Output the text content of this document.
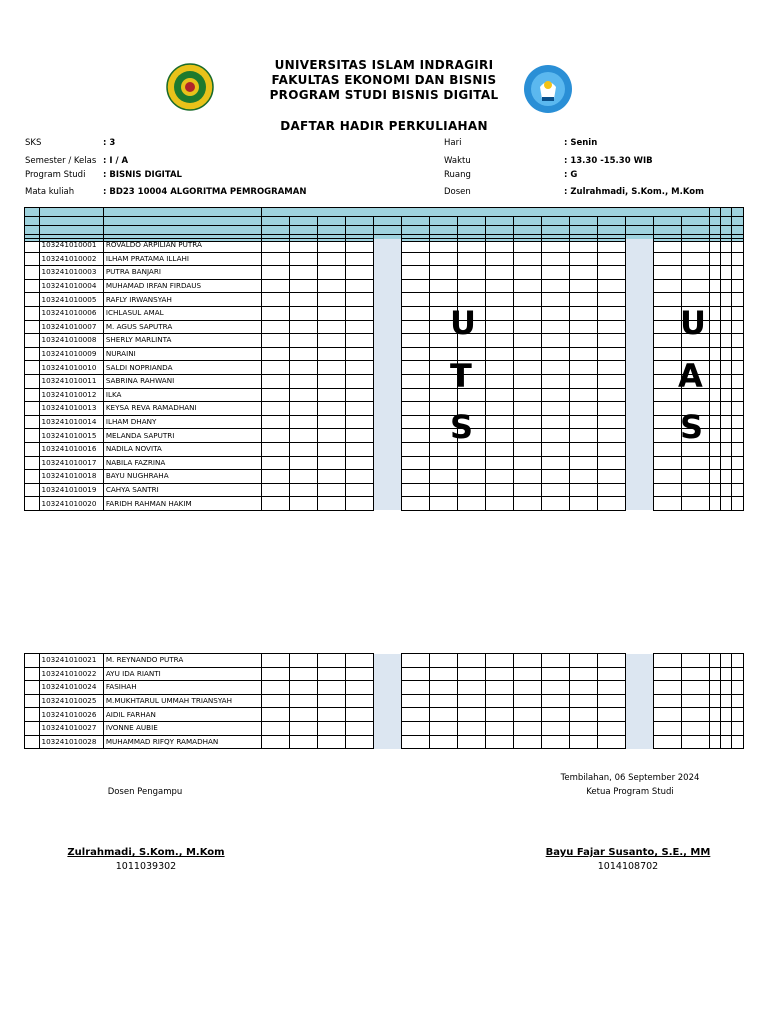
UNIVERSITAS ISLAM INDRAGIRI
FAKULTAS EKONOMI DAN BISNIS
PROGRAM STUDI BISNIS DIGITAL
DAFTAR HADIR PERKULIAHAN
SKS	: 3
Semester / Kelas : I / A
Program Studi : BISNIS DIGITAL
Mata kuliah	: BD23 10004 ALGORITMA PEMROGRAMAN
Hari	: Senin
Waktu	: 13.30 -15.30 WIB
Ruang	: G
Dosen	: Zulrahmadi, S.Kom., M.Kom

	103241010001	ROVALDO ARPILIAN PUTRA																			
	103241010002	ILHAM PRATAMA ILLAHI																			
	103241010003	PUTRA BANJARI																			
	103241010004	MUHAMAD IRFAN FIRDAUS																			
	103241010005	RAFLY IRWANSYAH																			
	103241010006	ICHLASUL AMAL																			
	103241010007	M. AGUS SAPUTRA																			
	103241010008	SHERLY MARLINTA																			
	103241010009	NURAINI																			
	103241010010	SALDI NOPRIANDA																			
	103241010011	SABRINA RAHWANI																			
	103241010012	ILKA																			
	103241010013	KEYSA REVA RAMADHANI																			
	103241010014	ILHAM DHANY																			
	103241010015	MELANDA SAPUTRI																			
	103241010016	NADILA NOVITA																			
	103241010017	NABILA FAZRINA																			
	103241010018	BAYU NUGHRAHA																			
	103241010019	CAHYA SANTRI																			
	103241010020	FARIDH RAHMAN HAKIM																			
	103241010021	M. REYNANDO PUTRA																			
	103241010022	AYU IDA RIANTI																			
	103241010024	FASIHAH																			
	103241010025	M.MUKHTARUL UMMAH TRIANSYAH																			
	103241010026	AIDIL FARHAN																			
	103241010027	IVONNE AUBIE																			
	103241010028	MUHAMMAD RIFQY RAMADHAN																			
U
T
S
U
A
S
Tembilahan, 06 September 2024
Dosen Pengampu	Ketua Program Studi
Zulrahmadi, S.Kom., M.Kom
1011039302
Bayu Fajar Susanto, S.E., MM
1014108702
